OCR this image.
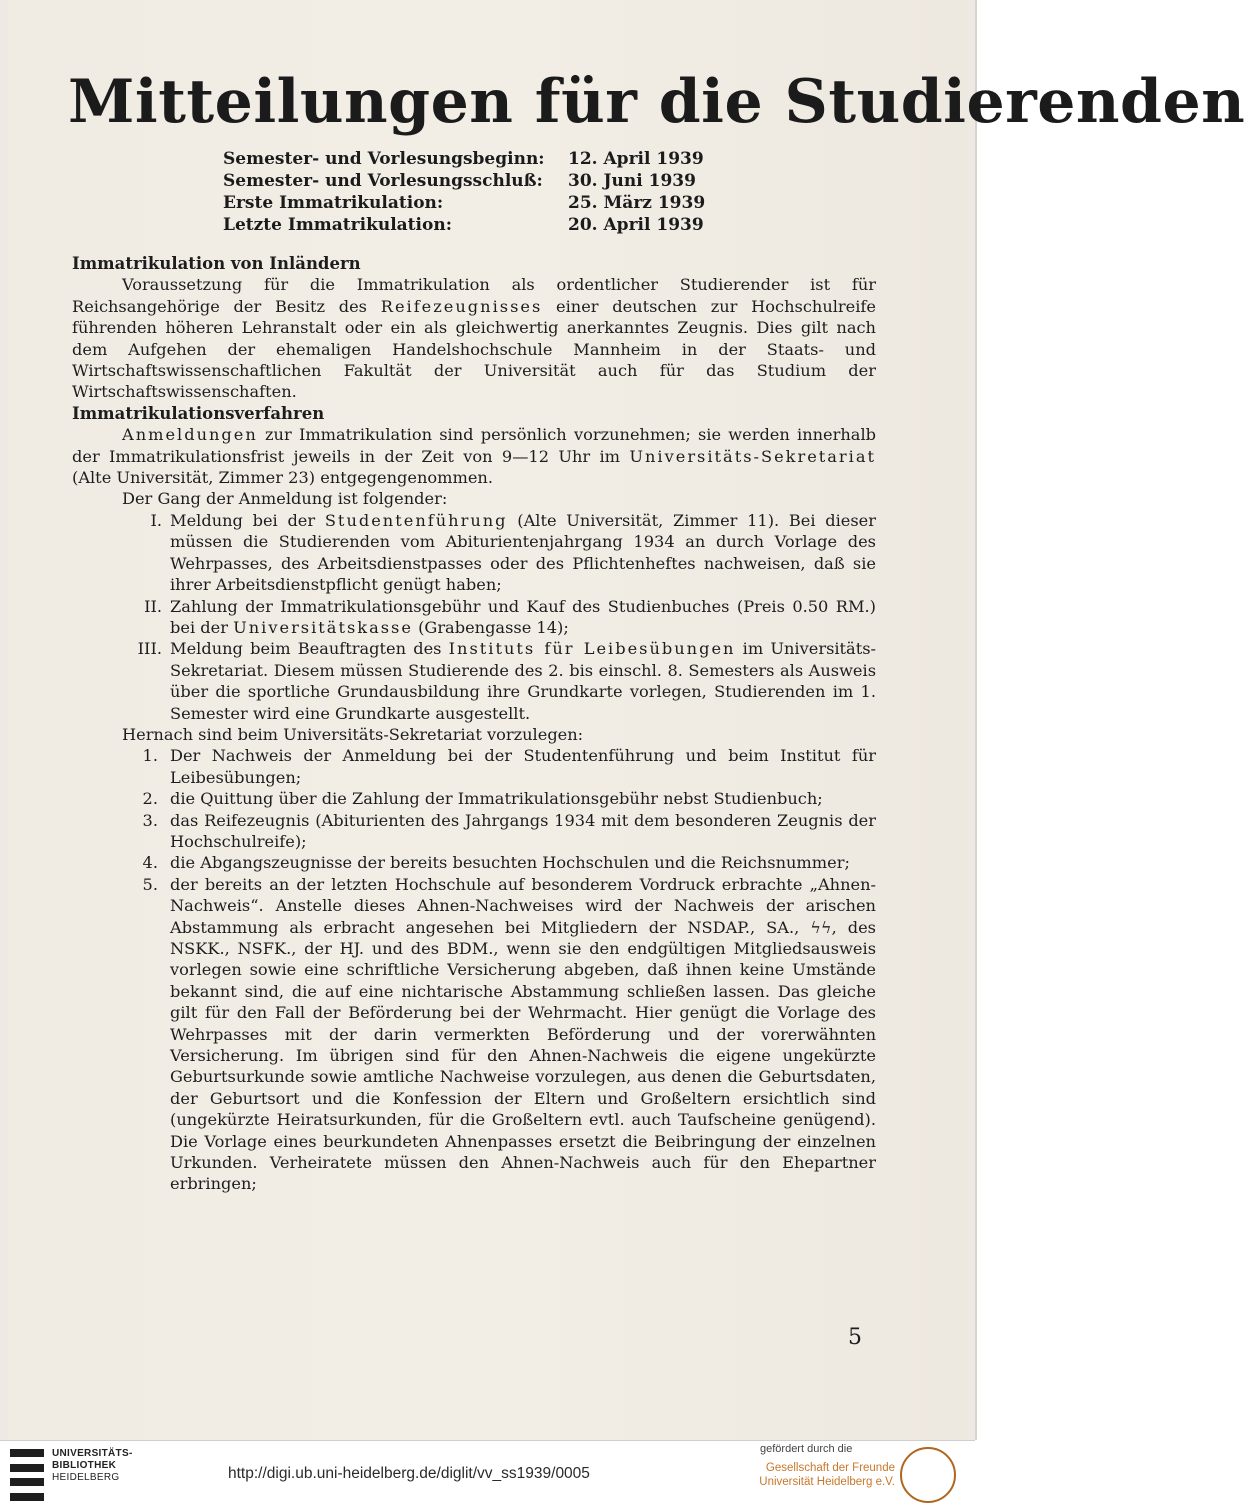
Mitteilungen für die Studierenden
Semester- und Vorlesungsbeginn:	12. April 1939
Semester- und Vorlesungsschluß:	30. Juni 1939
Erste Immatrikulation:	25. März 1939
Letzte Immatrikulation:	20. April 1939

Immatrikulation von Inländern

Voraussetzung für die Immatrikulation als ordentlicher Studierender ist für Reichsangehörige der Besitz des Reifezeugnisses einer deutschen zur Hochschulreife führenden höheren Lehranstalt oder ein als gleichwertig anerkanntes Zeugnis. Dies gilt nach dem Aufgehen der ehemaligen Handelshochschule Mannheim in der Staats- und Wirtschaftswissenschaftlichen Fakultät der Universität auch für das Studium der Wirtschaftswissenschaften.

Immatrikulationsverfahren

Anmeldungen zur Immatrikulation sind persönlich vorzunehmen; sie werden innerhalb der Immatrikulationsfrist jeweils in der Zeit von 9—12 Uhr im Universitäts-Sekretariat (Alte Universität, Zimmer 23) entgegengenommen.

Der Gang der Anmeldung ist folgender:

I. Meldung bei der Studentenführung (Alte Universität, Zimmer 11). Bei dieser müssen die Studierenden vom Abiturientenjahrgang 1934 an durch Vorlage des Wehrpasses, des Arbeitsdienstpasses oder des Pflichtenheftes nachweisen, daß sie ihrer Arbeitsdienstpflicht genügt haben;
II. Zahlung der Immatrikulationsgebühr und Kauf des Studienbuches (Preis 0.50 RM.) bei der Universitätskasse (Grabengasse 14);
III. Meldung beim Beauftragten des Instituts für Leibesübungen im Universitäts-Sekretariat. Diesem müssen Studierende des 2. bis einschl. 8. Semesters als Ausweis über die sportliche Grundausbildung ihre Grundkarte vorlegen, Studierenden im 1. Semester wird eine Grundkarte ausgestellt.

Hernach sind beim Universitäts-Sekretariat vorzulegen:

1. Der Nachweis der Anmeldung bei der Studentenführung und beim Institut für Leibesübungen;
2. die Quittung über die Zahlung der Immatrikulationsgebühr nebst Studienbuch;
3. das Reifezeugnis (Abiturienten des Jahrgangs 1934 mit dem besonderen Zeugnis der Hochschulreife);
4. die Abgangszeugnisse der bereits besuchten Hochschulen und die Reichsnummer;
5. der bereits an der letzten Hochschule auf besonderem Vordruck erbrachte „Ahnen-Nachweis“. Anstelle dieses Ahnen-Nachweises wird der Nachweis der arischen Abstammung als erbracht angesehen bei Mitgliedern der NSDAP., SA., ϟϟ, des NSKK., NSFK., der HJ. und des BDM., wenn sie den endgültigen Mitgliedsausweis vorlegen sowie eine schriftliche Versicherung abgeben, daß ihnen keine Umstände bekannt sind, die auf eine nichtarische Abstammung schließen lassen. Das gleiche gilt für den Fall der Beförderung bei der Wehrmacht. Hier genügt die Vorlage des Wehrpasses mit der darin vermerkten Beförderung und der vorerwähnten Versicherung. Im übrigen sind für den Ahnen-Nachweis die eigene ungekürzte Geburtsurkunde sowie amtliche Nachweise vorzulegen, aus denen die Geburtsdaten, der Geburtsort und die Konfession der Eltern und Großeltern ersichtlich sind (ungekürzte Heiratsurkunden, für die Großeltern evtl. auch Taufscheine genügend). Die Vorlage eines beurkundeten Ahnenpasses ersetzt die Beibringung der einzelnen Urkunden. Verheiratete müssen den Ahnen-Nachweis auch für den Ehepartner erbringen;
5
UNIVERSITÄTS-
BIBLIOTHEK
HEIDELBERG	http://digi.ub.uni-heidelberg.de/diglit/vv_ss1939/0005
gefördert durch die
Gesellschaft der Freunde
Universität Heidelberg e.V.
